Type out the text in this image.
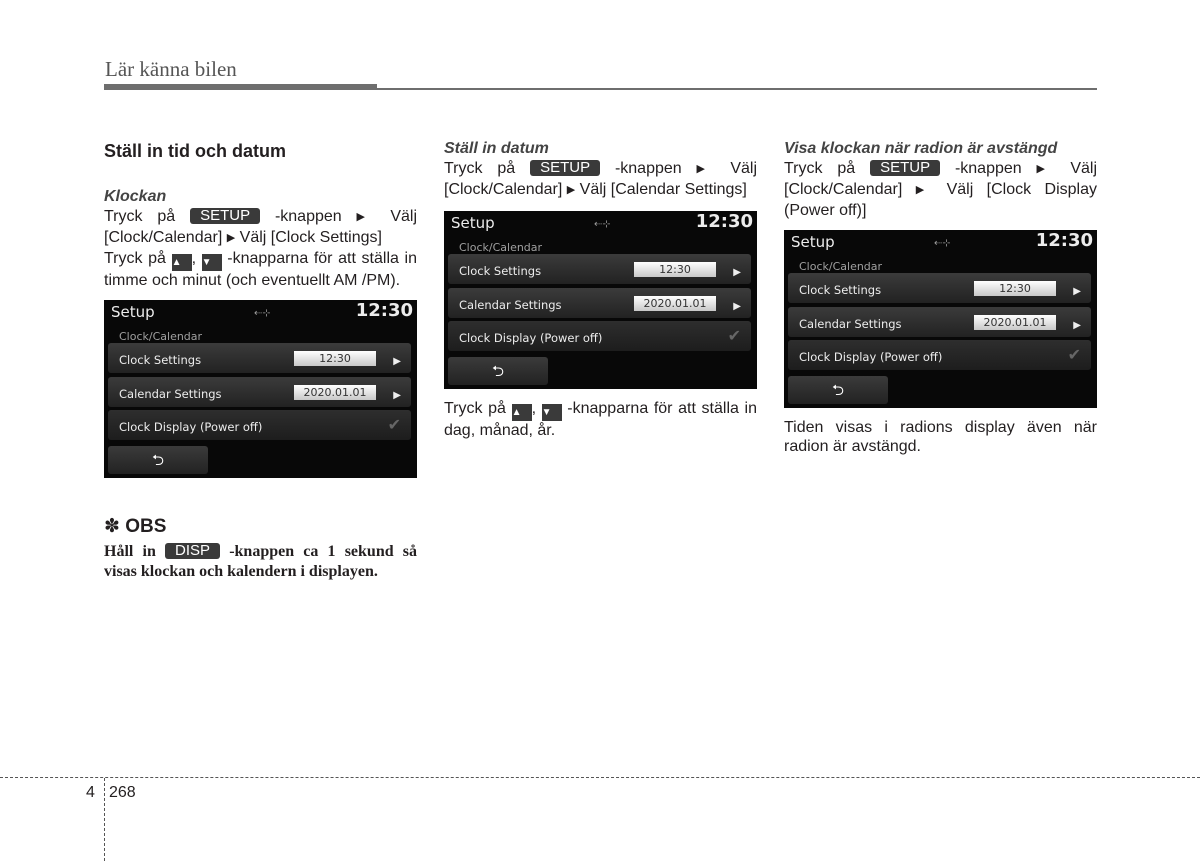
Lär känna bilen
Ställ in tid och datum
Klockan

Tryck på SETUP -knappen ▶ Välj [Clock/Calendar] ▶ Välj [Clock Settings]

Tryck på ▲ , ▼ -knapparna för att ställa in timme och minut (och eventuellt AM /PM).

Setup	⇠⊹	12:30
Clock/Calendar
Clock Settings	12:30	▶
Calendar Settings	2020.01.01	▶
Clock Display (Power off)	✔
⮌
✽ OBS

Håll in DISP -knappen ca 1 sekund så visas klockan och kalendern i displayen.

Ställ in datum

Tryck på SETUP -knappen ▶ Välj [Clock/Calendar] ▶ Välj [Calendar Settings]

Setup	⇠⊹	12:30
Clock/Calendar
Clock Settings	12:30	▶
Calendar Settings	2020.01.01	▶
Clock Display (Power off)	✔
⮌

Tryck på ▲ , ▼ -knapparna för att ställa in dag, månad, år.

Visa klockan när radion är avstängd

Tryck på SETUP -knappen ▶ Välj [Clock/Calendar] ▶ Välj [Clock Display (Power off)]

Setup	⇠⊹	12:30
Clock/Calendar
Clock Settings	12:30	▶
Calendar Settings	2020.01.01	▶
Clock Display (Power off)	✔
⮌

Tiden visas i radions display även när radion är avstängd.

4 268
